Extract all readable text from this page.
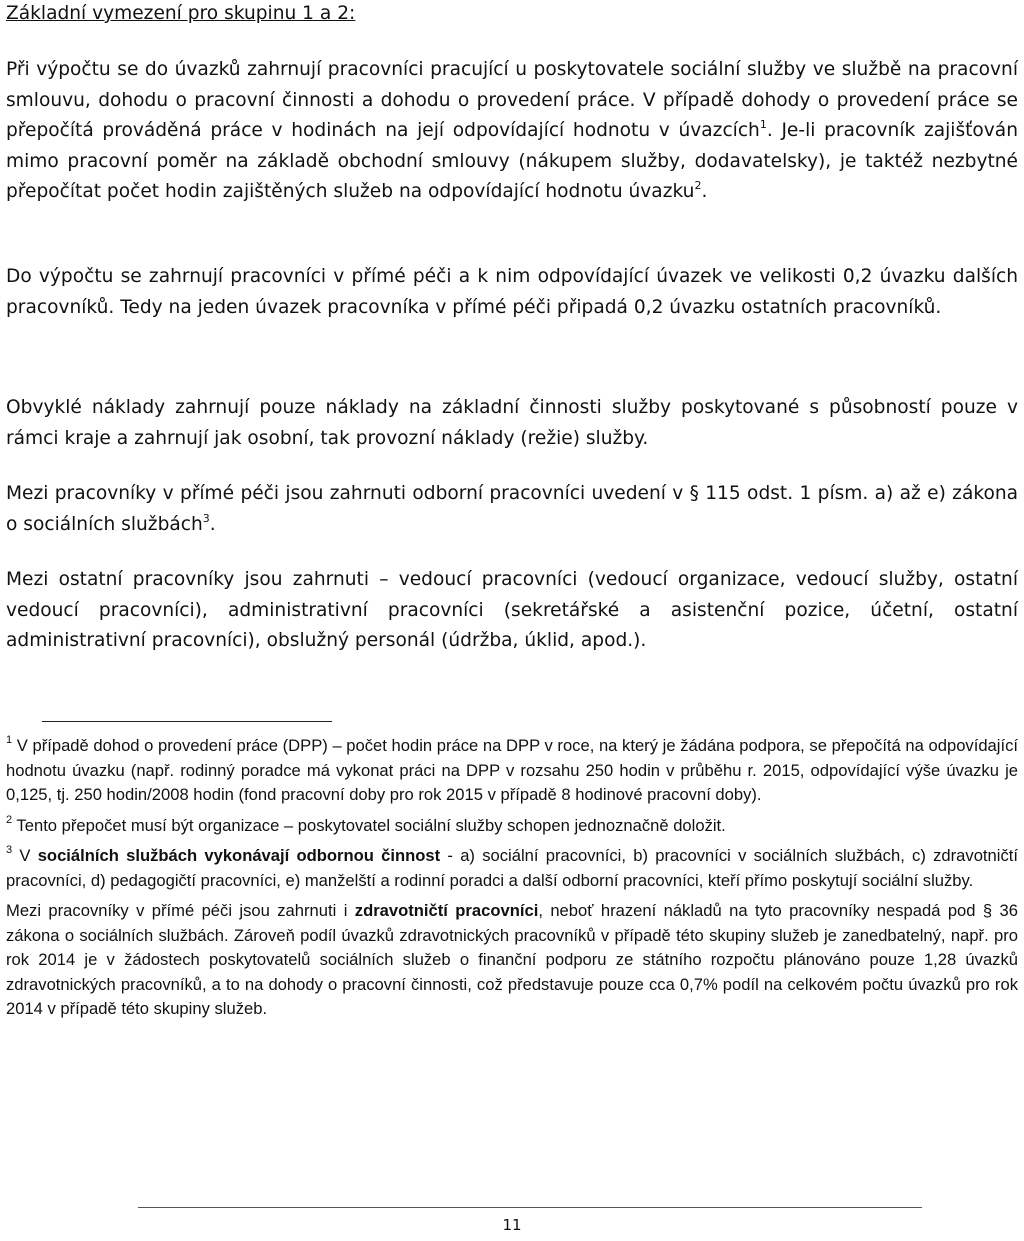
Základní vymezení pro skupinu 1 a 2:

Při výpočtu se do úvazků zahrnují pracovníci pracující u poskytovatele sociální služby ve službě na pracovní smlouvu, dohodu o pracovní činnosti a dohodu o provedení práce. V případě dohody o provedení práce se přepočítá prováděná práce v hodinách na její odpovídající hodnotu v úvazcích$^1$. Je-li pracovník zajišťován mimo pracovní poměr na základě obchodní smlouvy (nákupem služby, dodavatelsky), je taktéž nezbytné přepočítat počet hodin zajištěných služeb na odpovídající hodnotu úvazku$^2$.

Do výpočtu se zahrnují pracovníci v přímé péči a k nim odpovídající úvazek ve velikosti 0,2 úvazku dalších pracovníků. Tedy na jeden úvazek pracovníka v přímé péči připadá 0,2 úvazku ostatních pracovníků.

Obvyklé náklady zahrnují pouze náklady na základní činnosti služby poskytované s působností pouze v rámci kraje a zahrnují jak osobní, tak provozní náklady (režie) služby.

Mezi pracovníky v přímé péči jsou zahrnuti odborní pracovníci uvedení v § 115 odst. 1 písm. a) až e) zákona o sociálních službách$^3$.

Mezi ostatní pracovníky jsou zahrnuti – vedoucí pracovníci (vedoucí organizace, vedoucí služby, ostatní vedoucí pracovníci), administrativní pracovníci (sekretářské a asistenční pozice, účetní, ostatní administrativní pracovníci), obslužný personál (údržba, úklid, apod.).

$^1$ V případě dohod o provedení práce (DPP) – počet hodin práce na DPP v roce, na který je žádána podpora, se přepočítá na odpovídající hodnotu úvazku (např. rodinný poradce má vykonat práci na DPP v rozsahu 250 hodin v průběhu r. 2015, odpovídající výše úvazku je 0,125, tj. 250 hodin/2008 hodin (fond pracovní doby pro rok 2015 v případě 8 hodinové pracovní doby).

$^2$ Tento přepočet musí být organizace – poskytovatel sociální služby schopen jednoznačně doložit.

$^3$ V sociálních službách vykonávají odbornou činnost - a) sociální pracovníci, b) pracovníci v sociálních službách, c) zdravotničtí pracovníci, d) pedagogičtí pracovníci, e) manželští a rodinní poradci a další odborní pracovníci, kteří přímo poskytují sociální služby.

Mezi pracovníky v přímé péči jsou zahrnuti i zdravotničtí pracovníci, neboť hrazení nákladů na tyto pracovníky nespadá pod § 36 zákona o sociálních službách. Zároveň podíl úvazků zdravotnických pracovníků v případě této skupiny služeb je zanedbatelný, např. pro rok 2014 je v žádostech poskytovatelů sociálních služeb o finanční podporu ze státního rozpočtu plánováno pouze 1,28 úvazků zdravotnických pracovníků, a to na dohody o pracovní činnosti, což představuje pouze cca 0,7% podíl na celkovém počtu úvazků pro rok 2014 v případě této skupiny služeb.

11
